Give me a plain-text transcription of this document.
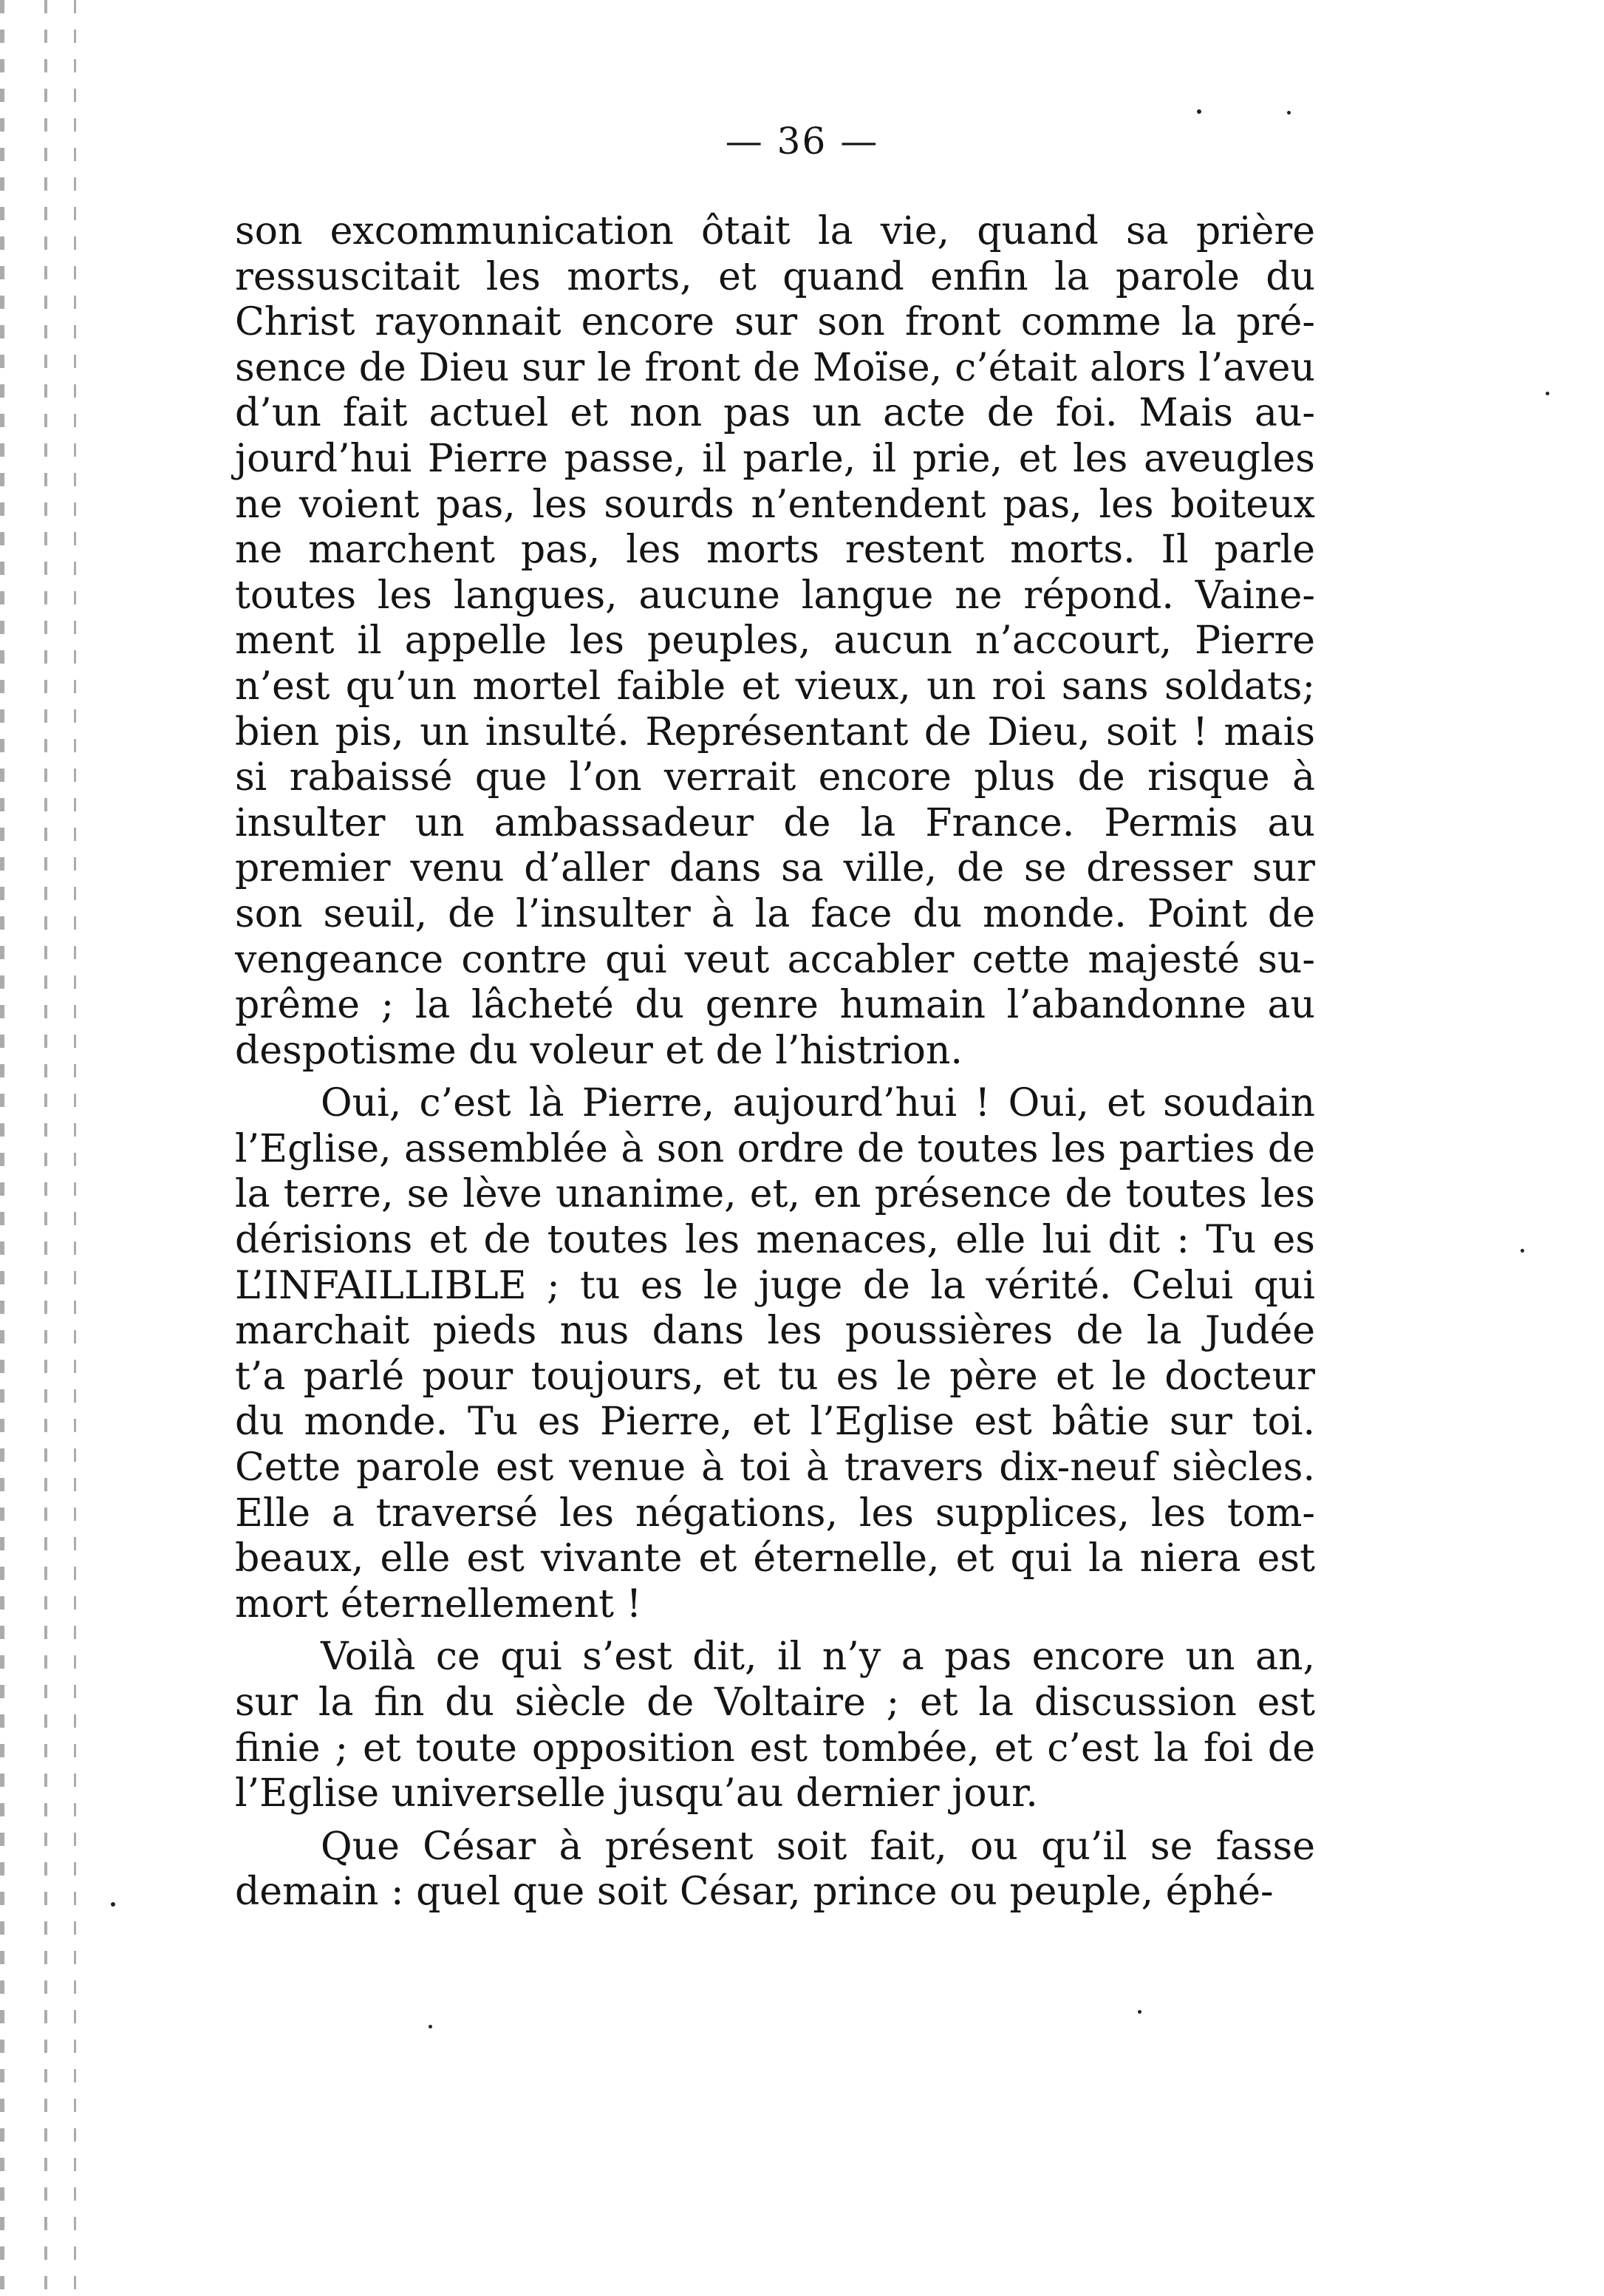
— 36 —

son excommunication ôtait la vie, quand sa prière
ressuscitait les morts, et quand enfin la parole du
Christ rayonnait encore sur son front comme la pré-
sence de Dieu sur le front de Moïse, c’était alors l’aveu
d’un fait actuel et non pas un acte de foi. Mais au-
jourd’hui Pierre passe, il parle, il prie, et les aveugles
ne voient pas, les sourds n’entendent pas, les boiteux
ne marchent pas, les morts restent morts. Il parle
toutes les langues, aucune langue ne répond. Vaine-
ment il appelle les peuples, aucun n’accourt, Pierre
n’est qu’un mortel faible et vieux, un roi sans soldats;
bien pis, un insulté. Représentant de Dieu, soit ! mais
si rabaissé que l’on verrait encore plus de risque à
insulter un ambassadeur de la France. Permis au
premier venu d’aller dans sa ville, de se dresser sur
son seuil, de l’insulter à la face du monde. Point de
vengeance contre qui veut accabler cette majesté su-
prême ; la lâcheté du genre humain l’abandonne au
despotisme du voleur et de l’histrion.

Oui, c’est là Pierre, aujourd’hui ! Oui, et soudain
l’Eglise, assemblée à son ordre de toutes les parties de
la terre, se lève unanime, et, en présence de toutes les
dérisions et de toutes les menaces, elle lui dit : Tu es
L’INFAILLIBLE ; tu es le juge de la vérité. Celui qui
marchait pieds nus dans les poussières de la Judée
t’a parlé pour toujours, et tu es le père et le docteur
du monde. Tu es Pierre, et l’Eglise est bâtie sur toi.
Cette parole est venue à toi à travers dix-neuf siècles.
Elle a traversé les négations, les supplices, les tom-
beaux, elle est vivante et éternelle, et qui la niera est
mort éternellement !

Voilà ce qui s’est dit, il n’y a pas encore un an,
sur la fin du siècle de Voltaire ; et la discussion est
finie ; et toute opposition est tombée, et c’est la foi de
l’Eglise universelle jusqu’au dernier jour.

Que César à présent soit fait, ou qu’il se fasse
demain : quel que soit César, prince ou peuple, éphé-
